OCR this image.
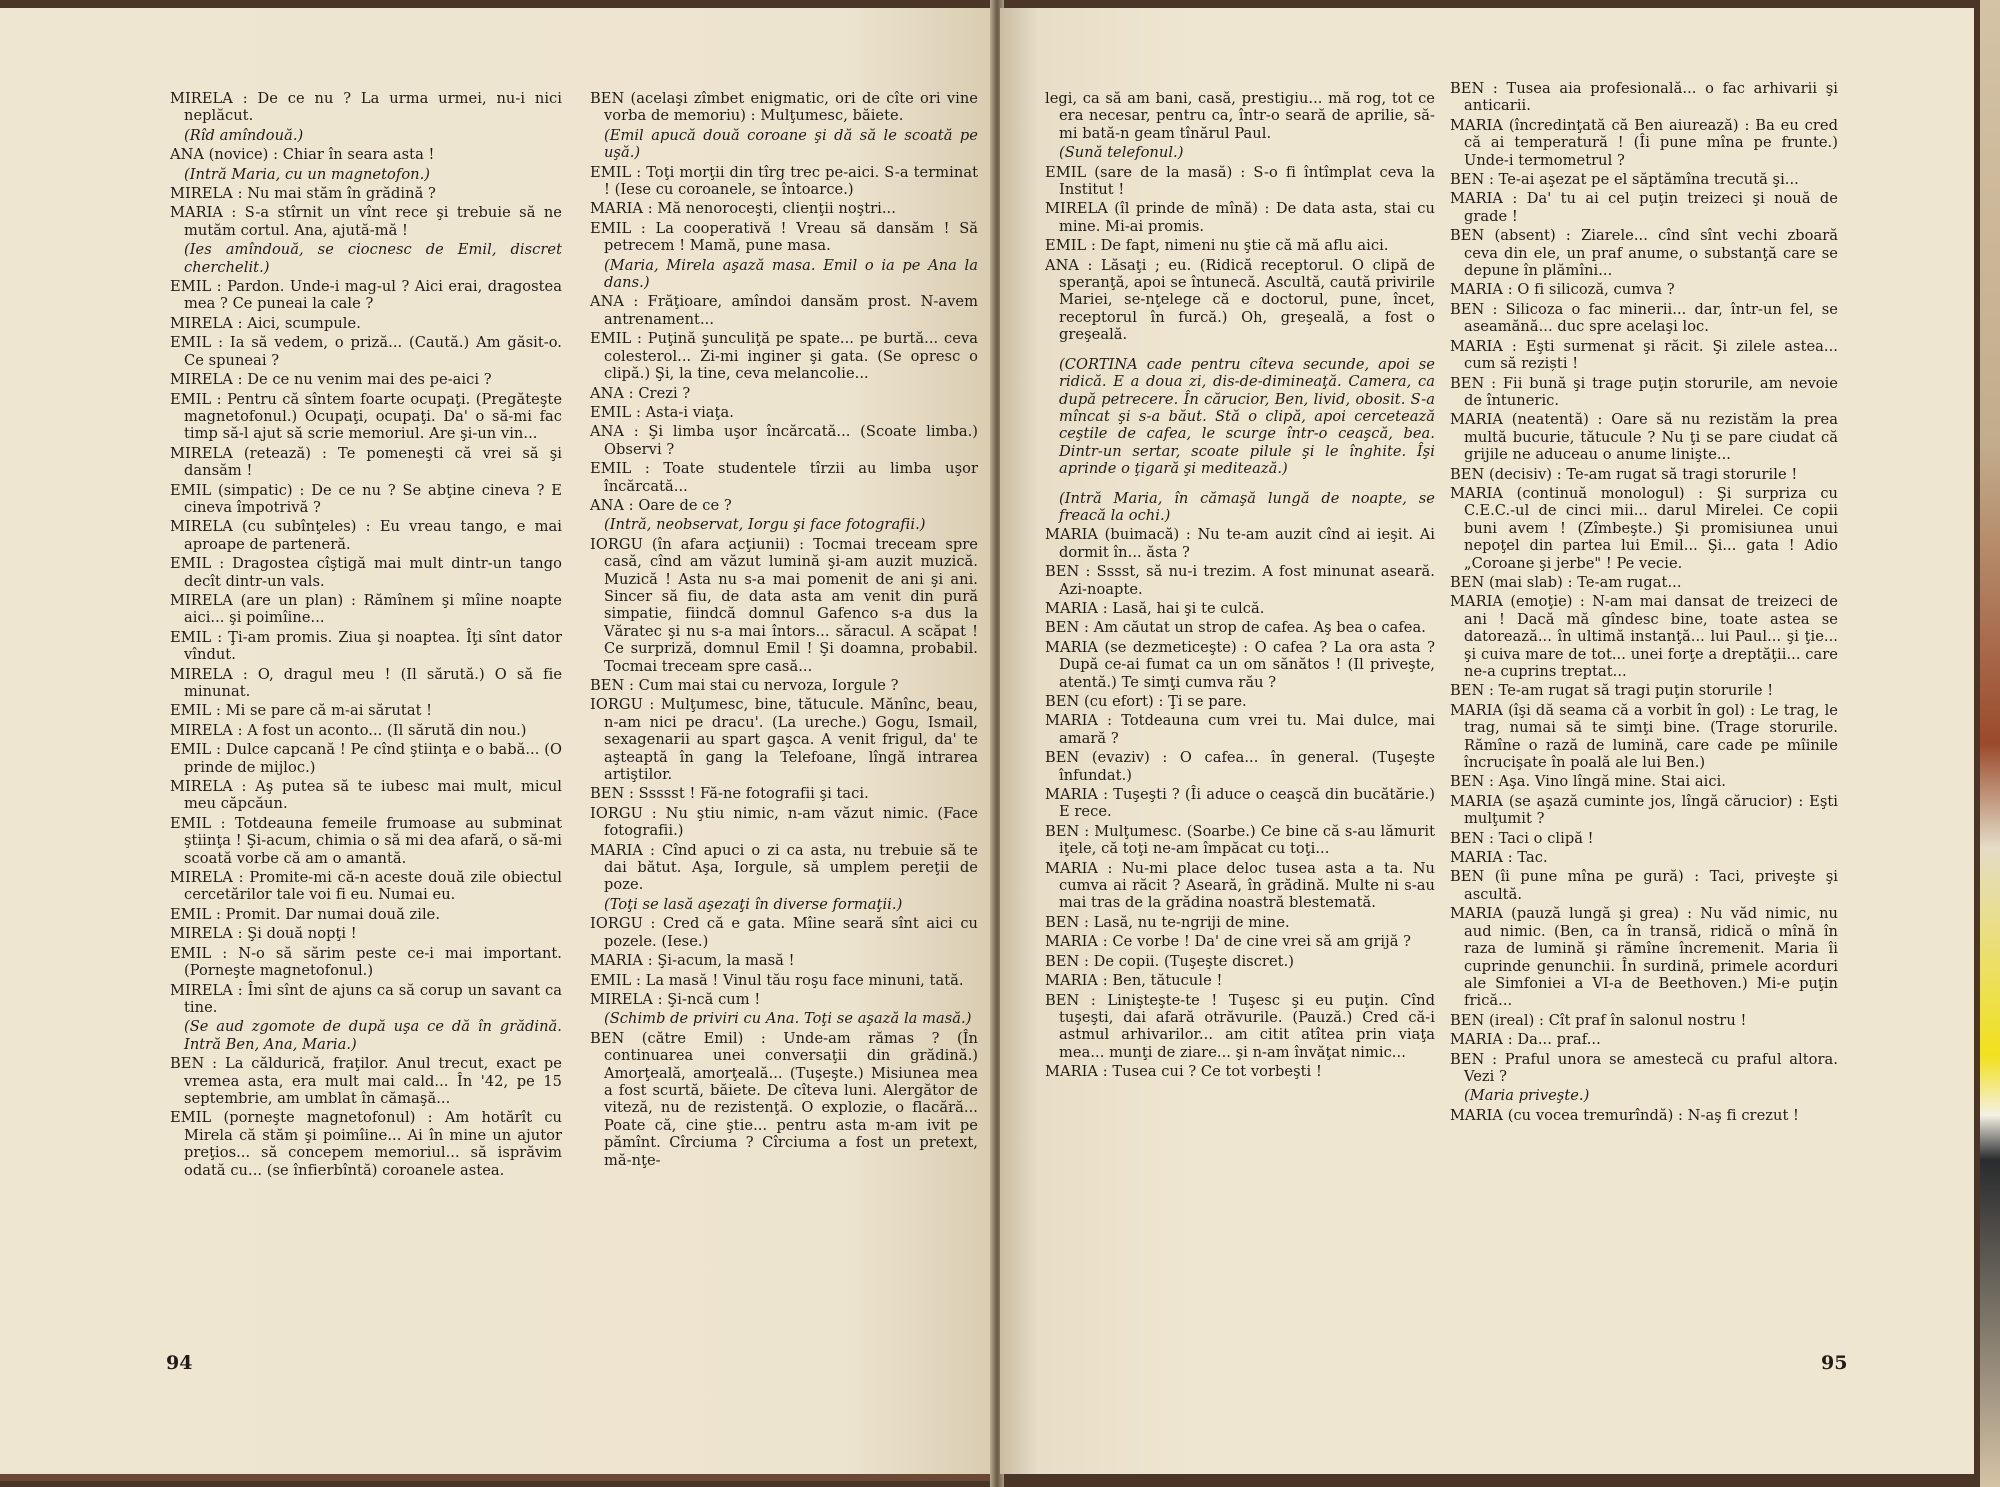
MIRELA : De ce nu ? La urma urmei, nu-i nici neplăcut.

(Rîd amîndouă.)

ANA (novice) : Chiar în seara asta !

(Intră Maria, cu un magnetofon.)

MIRELA : Nu mai stăm în grădină ?

MARIA : S-a stîrnit un vînt rece şi trebuie să ne mutăm cortul. Ana, ajută-mă !

(Ies amîndouă, se ciocnesc de Emil, discret cherchelit.)

EMIL : Pardon. Unde-i mag-ul ? Aici erai, dragostea mea ? Ce puneai la cale ?

MIRELA : Aici, scumpule.

EMIL : Ia să vedem, o priză... (Caută.) Am găsit-o. Ce spuneai ?

MIRELA : De ce nu venim mai des pe-aici ?

EMIL : Pentru că sîntem foarte ocupaţi. (Pregăteşte magnetofonul.) Ocupaţi, ocupaţi. Da' o să-mi fac timp să-l ajut să scrie memoriul. Are şi-un vin...

MIRELA (retează) : Te pomeneşti că vrei să şi dansăm !

EMIL (simpatic) : De ce nu ? Se abţine cineva ? E cineva împotrivă ?

MIRELA (cu subînţeles) : Eu vreau tango, e mai aproape de parteneră.

EMIL : Dragostea cîştigă mai mult dintr-un tango decît dintr-un vals.

MIRELA (are un plan) : Rămînem şi mîine noapte aici... şi poimîine...

EMIL : Ţi-am promis. Ziua şi noaptea. Îţi sînt dator vîndut.

MIRELA : O, dragul meu ! (Il sărută.) O să fie minunat.

EMIL : Mi se pare că m-ai sărutat !

MIRELA : A fost un aconto... (Il sărută din nou.)

EMIL : Dulce capcană ! Pe cînd ştiinţa e o babă... (O prinde de mijloc.)

MIRELA : Aş putea să te iubesc mai mult, micul meu căpcăun.

EMIL : Totdeauna femeile frumoase au subminat ştiinţa ! Şi-acum, chimia o să mi dea afară, o să-mi scoată vorbe că am o amantă.

MIRELA : Promite-mi că-n aceste două zile obiectul cercetărilor tale voi fi eu. Numai eu.

EMIL : Promit. Dar numai două zile.

MIRELA : Şi două nopţi !

EMIL : N-o să sărim peste ce-i mai important. (Porneşte magnetofonul.)

MIRELA : Îmi sînt de ajuns ca să corup un savant ca tine.

(Se aud zgomote de după uşa ce dă în grădină. Intră Ben, Ana, Maria.)

BEN : La căldurică, fraţilor. Anul trecut, exact pe vremea asta, era mult mai cald... În '42, pe 15 septembrie, am umblat în cămaşă...

EMIL (porneşte magnetofonul) : Am hotărît cu Mirela că stăm şi poimîine... Ai în mine un ajutor preţios... să concepem memoriul... să isprăvim odată cu... (se înfierbîntă) coroanele astea.

BEN (acelaşi zîmbet enigmatic, ori de cîte ori vine vorba de memoriu) : Mulţumesc, băiete.

(Emil apucă două coroane şi dă să le scoată pe uşă.)

EMIL : Toţi morţii din tîrg trec pe-aici. S-a terminat ! (Iese cu coroanele, se întoarce.)

MARIA : Mă nenoroceşti, clienţii noştri...

EMIL : La cooperativă ! Vreau să dansăm ! Să petrecem ! Mamă, pune masa.

(Maria, Mirela aşază masa. Emil o ia pe Ana la dans.)

ANA : Frăţioare, amîndoi dansăm prost. N-avem antrenament...

EMIL : Puţină şunculiţă pe spate... pe burtă... ceva colesterol... Zi-mi inginer şi gata. (Se opresc o clipă.) Şi, la tine, ceva melancolie...

ANA : Crezi ?

EMIL : Asta-i viaţa.

ANA : Şi limba uşor încărcată... (Scoate limba.) Observi ?

EMIL : Toate studentele tîrzii au limba uşor încărcată...

ANA : Oare de ce ?

(Intră, neobservat, Iorgu şi face fotografii.)

IORGU (în afara acţiunii) : Tocmai treceam spre casă, cînd am văzut lumină şi-am auzit muzică. Muzică ! Asta nu s-a mai pomenit de ani şi ani. Sincer să fiu, de data asta am venit din pură simpatie, fiindcă domnul Gafenco s-a dus la Văratec şi nu s-a mai întors... săracul. A scăpat ! Ce surpriză, domnul Emil ! Şi doamna, probabil. Tocmai treceam spre casă...

BEN : Cum mai stai cu nervoza, Iorgule ?

IORGU : Mulţumesc, bine, tătucule. Mănînc, beau, n-am nici pe dracu'. (La ureche.) Gogu, Ismail, sexagenarii au spart gaşca. A venit frigul, da' te aşteaptă în gang la Telefoane, lîngă intrarea artiştilor.

BEN : Ssssst ! Fă-ne fotografii şi taci.

IORGU : Nu ştiu nimic, n-am văzut nimic. (Face fotografii.)

MARIA : Cînd apuci o zi ca asta, nu trebuie să te dai bătut. Aşa, Iorgule, să umplem pereţii de poze.

(Toţi se lasă aşezaţi în diverse formaţii.)

IORGU : Cred că e gata. Mîine seară sînt aici cu pozele. (Iese.)

MARIA : Şi-acum, la masă !

EMIL : La masă ! Vinul tău roşu face minuni, tată.

MIRELA : Şi-ncă cum !

(Schimb de priviri cu Ana. Toţi se aşază la masă.)

BEN (către Emil) : Unde-am rămas ? (În continuarea unei conversaţii din grădină.) Amorţeală, amorţeală... (Tuşeşte.) Misiunea mea a fost scurtă, băiete. De cîteva luni. Alergător de viteză, nu de rezistenţă. O explozie, o flacără... Poate că, cine ştie... pentru asta m-am ivit pe pămînt. Cîrciuma ? Cîrciuma a fost un pretext, mă-nţe-

94

legi, ca să am bani, casă, prestigiu... mă rog, tot ce era necesar, pentru ca, într-o seară de aprilie, să-mi bată-n geam tînărul Paul.

(Sună telefonul.)

EMIL (sare de la masă) : S-o fi întîmplat ceva la Institut !

MIRELA (îl prinde de mînă) : De data asta, stai cu mine. Mi-ai promis.

EMIL : De fapt, nimeni nu ştie că mă aflu aici.

ANA : Lăsaţi ; eu. (Ridică receptorul. O clipă de speranţă, apoi se întunecă. Ascultă, caută privirile Mariei, se-nţelege că e doctorul, pune, încet, receptorul în furcă.) Oh, greşeală, a fost o greşeală.

(CORTINA cade pentru cîteva secunde, apoi se ridică. E a doua zi, dis-de-dimineaţă. Camera, ca după petrecere. În cărucior, Ben, livid, obosit. S-a mîncat şi s-a băut. Stă o clipă, apoi cercetează ceştile de cafea, le scurge într-o ceaşcă, bea. Dintr-un sertar, scoate pilule şi le înghite. Îşi aprinde o ţigară şi meditează.)

(Intră Maria, în cămaşă lungă de noapte, se freacă la ochi.)

MARIA (buimacă) : Nu te-am auzit cînd ai ieşit. Ai dormit în... ăsta ?

BEN : Sssst, să nu-i trezim. A fost minunat aseară. Azi-noapte.

MARIA : Lasă, hai şi te culcă.

BEN : Am căutat un strop de cafea. Aş bea o cafea.

MARIA (se dezmeticeşte) : O cafea ? La ora asta ? După ce-ai fumat ca un om sănătos ! (Il priveşte, atentă.) Te simţi cumva rău ?

BEN (cu efort) : Ţi se pare.

MARIA : Totdeauna cum vrei tu. Mai dulce, mai amară ?

BEN (evaziv) : O cafea... în general. (Tuşeşte înfundat.)

MARIA : Tuşeşti ? (Îi aduce o ceaşcă din bucătărie.) E rece.

BEN : Mulţumesc. (Soarbe.) Ce bine că s-au lămurit iţele, că toţi ne-am împăcat cu toţi...

MARIA : Nu-mi place deloc tusea asta a ta. Nu cumva ai răcit ? Aseară, în grădină. Multe ni s-au mai tras de la grădina noastră blestemată.

BEN : Lasă, nu te-ngriji de mine.

MARIA : Ce vorbe ! Da' de cine vrei să am grijă ?

BEN : De copii. (Tuşeşte discret.)

MARIA : Ben, tătucule !

BEN : Linişteşte-te ! Tuşesc şi eu puţin. Cînd tuşeşti, dai afară otrăvurile. (Pauză.) Cred că-i astmul arhivarilor... am citit atîtea prin viaţa mea... munţi de ziare... şi n-am învăţat nimic...

MARIA : Tusea cui ? Ce tot vorbeşti !

BEN : Tusea aia profesională... o fac arhivarii şi anticarii.

MARIA (încredinţată că Ben aiurează) : Ba eu cred că ai temperatură ! (Îi pune mîna pe frunte.) Unde-i termometrul ?

BEN : Te-ai aşezat pe el săptămîna trecută şi...

MARIA : Da' tu ai cel puţin treizeci şi nouă de grade !

BEN (absent) : Ziarele... cînd sînt vechi zboară ceva din ele, un praf anume, o substanţă care se depune în plămîni...

MARIA : O fi silicoză, cumva ?

BEN : Silicoza o fac minerii... dar, într-un fel, se aseamănă... duc spre acelaşi loc.

MARIA : Eşti surmenat şi răcit. Şi zilele astea... cum să reziști !

BEN : Fii bună şi trage puţin storurile, am nevoie de întuneric.

MARIA (neatentă) : Oare să nu rezistăm la prea multă bucurie, tătucule ? Nu ţi se pare ciudat că grijile ne aduceau o anume linişte...

BEN (decisiv) : Te-am rugat să tragi storurile !

MARIA (continuă monologul) : Şi surpriza cu C.E.C.-ul de cinci mii... darul Mirelei. Ce copii buni avem ! (Zîmbeşte.) Şi promisiunea unui nepoţel din partea lui Emil... Şi... gata ! Adio „Coroane şi jerbe" ! Pe vecie.

BEN (mai slab) : Te-am rugat...

MARIA (emoţie) : N-am mai dansat de treizeci de ani ! Dacă mă gîndesc bine, toate astea se datorează... în ultimă instanţă... lui Paul... şi ţie... şi cuiva mare de tot... unei forţe a dreptăţii... care ne-a cuprins treptat...

BEN : Te-am rugat să tragi puţin storurile !

MARIA (îşi dă seama că a vorbit în gol) : Le trag, le trag, numai să te simţi bine. (Trage storurile. Rămîne o rază de lumină, care cade pe mîinile încrucişate în poală ale lui Ben.)

BEN : Aşa. Vino lîngă mine. Stai aici.

MARIA (se aşază cuminte jos, lîngă cărucior) : Eşti mulţumit ?

BEN : Taci o clipă !

MARIA : Tac.

BEN (îi pune mîna pe gură) : Taci, priveşte şi ascultă.

MARIA (pauză lungă şi grea) : Nu văd nimic, nu aud nimic. (Ben, ca în transă, ridică o mînă în raza de lumină şi rămîne încremenit. Maria îi cuprinde genunchii. În surdină, primele acorduri ale Simfoniei a VI-a de Beethoven.) Mi-e puţin frică...

BEN (ireal) : Cît praf în salonul nostru !

MARIA : Da... praf...

BEN : Praful unora se amestecă cu praful altora. Vezi ?

(Maria priveşte.)

MARIA (cu vocea tremurîndă) : N-aş fi crezut !

95
